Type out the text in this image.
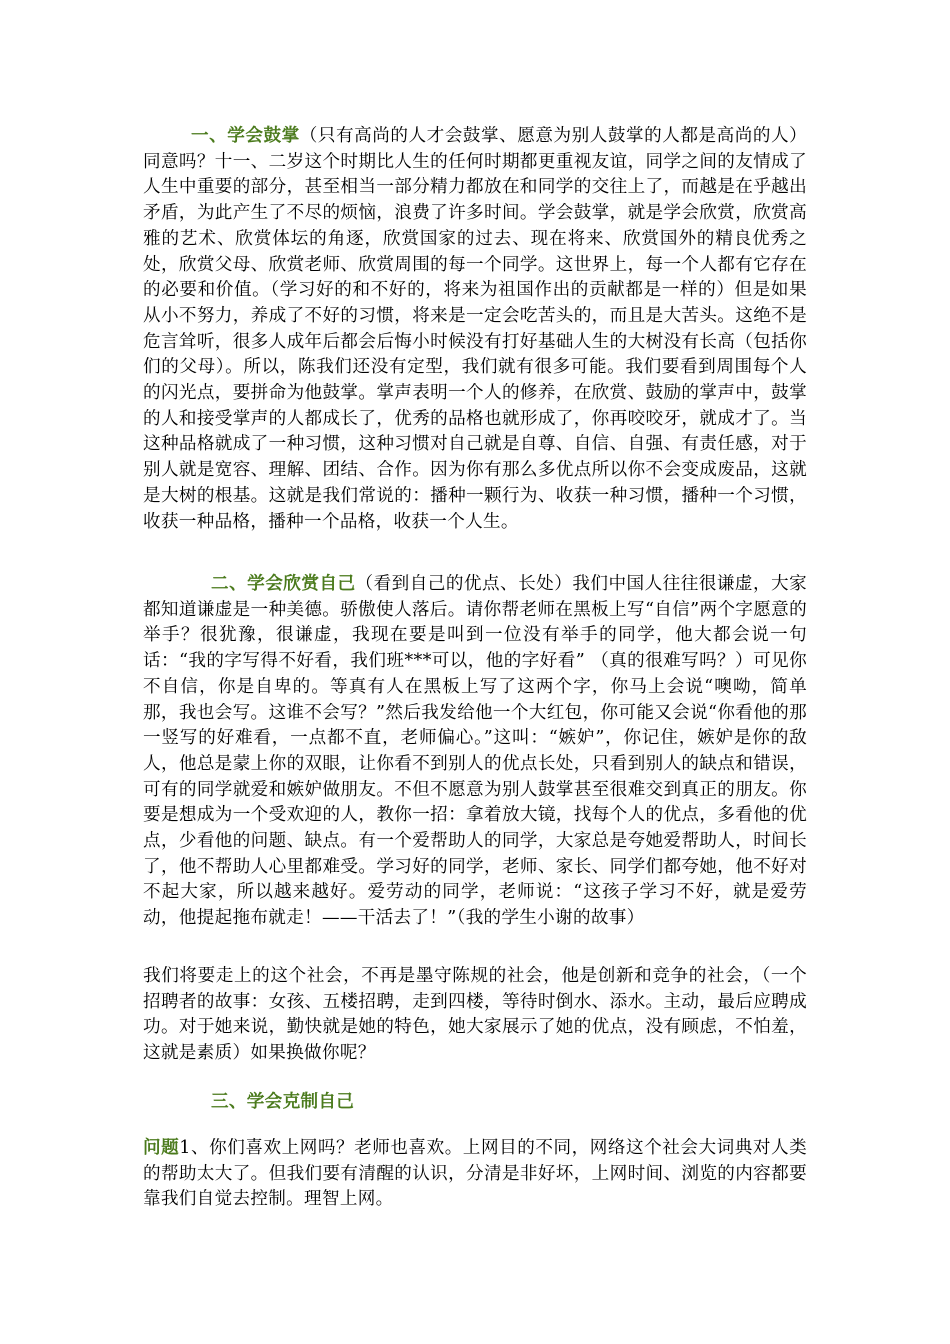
一、学会鼓掌（只有高尚的人才会鼓掌、愿意为别人鼓掌的人都是高尚的人）同意吗？十一、二岁这个时期比人生的任何时期都更重视友谊，同学之间的友情成了人生中重要的部分，甚至相当一部分精力都放在和同学的交往上了，而越是在乎越出矛盾，为此产生了不尽的烦恼，浪费了许多时间。学会鼓掌，就是学会欣赏，欣赏高雅的艺术、欣赏体坛的角逐，欣赏国家的过去、现在将来、欣赏国外的精良优秀之处，欣赏父母、欣赏老师、欣赏周围的每一个同学。这世界上，每一个人都有它存在的必要和价值。（学习好的和不好的，将来为祖国作出的贡献都是一样的）但是如果从小不努力，养成了不好的习惯，将来是一定会吃苦头的，而且是大苦头。这绝不是危言耸听，很多人成年后都会后悔小时候没有打好基础人生的大树没有长高（包括你们的父母）。所以，陈我们还没有定型，我们就有很多可能。我们要看到周围每个人的闪光点，要拼命为他鼓掌。掌声表明一个人的修养，在欣赏、鼓励的掌声中，鼓掌的人和接受掌声的人都成长了，优秀的品格也就形成了，你再咬咬牙，就成才了。当这种品格就成了一种习惯，这种习惯对自己就是自尊、自信、自强、有责任感，对于别人就是宽容、理解、团结、合作。因为你有那么多优点所以你不会变成废品，这就是大树的根基。这就是我们常说的：播种一颗行为、收获一种习惯，播种一个习惯，收获一种品格，播种一个品格，收获一个人生。

二、学会欣赏自己（看到自己的优点、长处）我们中国人往往很谦虚，大家都知道谦虚是一种美德。骄傲使人落后。请你帮老师在黑板上写“自信”两个字愿意的举手？很犹豫，很谦虚，我现在要是叫到一位没有举手的同学，他大都会说一句话：“我的字写得不好看，我们班***可以，他的字好看” （真的很难写吗？）可见你不自信，你是自卑的。等真有人在黑板上写了这两个字，你马上会说“噢呦，简单那，我也会写。这谁不会写？”然后我发给他一个大红包，你可能又会说“你看他的那一竖写的好难看，一点都不直，老师偏心。”这叫：“嫉妒”，你记住，嫉妒是你的敌人，他总是蒙上你的双眼，让你看不到别人的优点长处，只看到别人的缺点和错误，可有的同学就爱和嫉妒做朋友。不但不愿意为别人鼓掌甚至很难交到真正的朋友。你要是想成为一个受欢迎的人，教你一招：拿着放大镜，找每个人的优点，多看他的优点，少看他的问题、缺点。有一个爱帮助人的同学，大家总是夸她爱帮助人，时间长了，他不帮助人心里都难受。学习好的同学，老师、家长、同学们都夸她，他不好对不起大家，所以越来越好。爱劳动的同学，老师说：“这孩子学习不好，就是爱劳动，他提起拖布就走！——干活去了！”（我的学生小谢的故事）

我们将要走上的这个社会，不再是墨守陈规的社会，他是创新和竞争的社会，（一个招聘者的故事：女孩、五楼招聘，走到四楼，等待时倒水、添水。主动，最后应聘成功。对于她来说，勤快就是她的特色，她大家展示了她的优点，没有顾虑，不怕羞，这就是素质）如果换做你呢？

三、学会克制自己

问题1、你们喜欢上网吗？老师也喜欢。上网目的不同，网络这个社会大词典对人类的帮助太大了。但我们要有清醒的认识，分清是非好坏，上网时间、浏览的内容都要靠我们自觉去控制。理智上网。
